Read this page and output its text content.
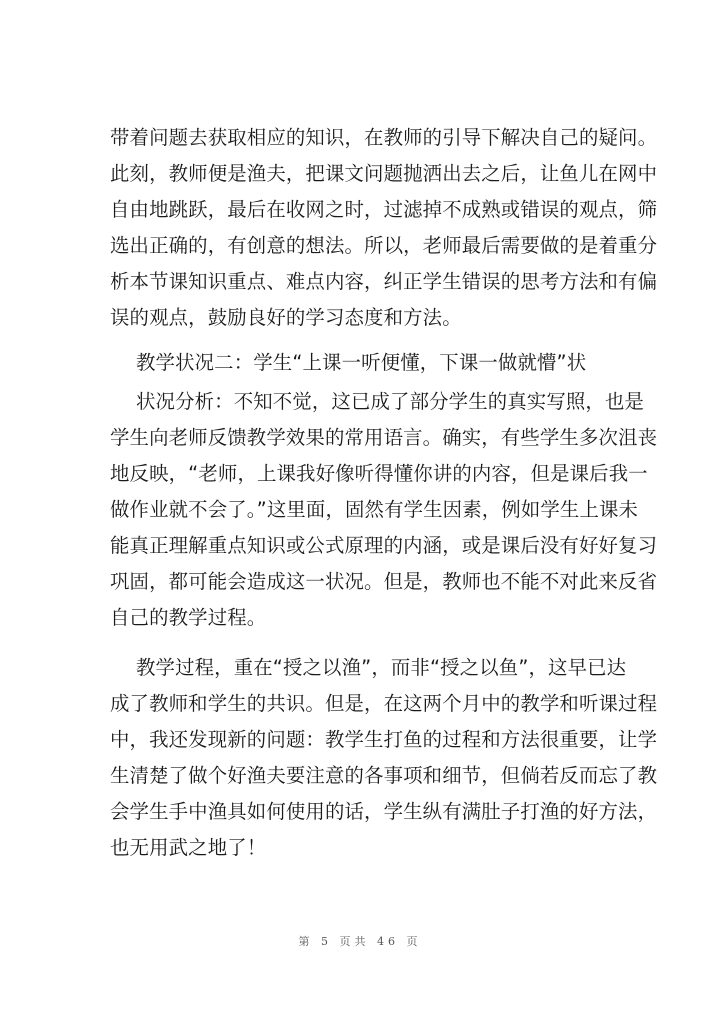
带着问题去获取相应的知识，在教师的引导下解决自己的疑问。
此刻，教师便是渔夫，把课文问题抛洒出去之后，让鱼儿在网中
自由地跳跃，最后在收网之时，过滤掉不成熟或错误的观点，筛
选出正确的，有创意的想法。所以，老师最后需要做的是着重分
析本节课知识重点、难点内容，纠正学生错误的思考方法和有偏
误的观点，鼓励良好的学习态度和方法。
教学状况二：学生“上课一听便懂，下课一做就懵”状
状况分析：不知不觉，这已成了部分学生的真实写照，也是
学生向老师反馈教学效果的常用语言。确实，有些学生多次沮丧
地反映，“老师，上课我好像听得懂你讲的内容，但是课后我一
做作业就不会了。”这里面，固然有学生因素，例如学生上课未
能真正理解重点知识或公式原理的内涵，或是课后没有好好复习
巩固，都可能会造成这一状况。但是，教师也不能不对此来反省
自己的教学过程。
教学过程，重在“授之以渔”，而非“授之以鱼”，这早已达
成了教师和学生的共识。但是，在这两个月中的教学和听课过程
中，我还发现新的问题：教学生打鱼的过程和方法很重要，让学
生清楚了做个好渔夫要注意的各事项和细节，但倘若反而忘了教
会学生手中渔具如何使用的话，学生纵有满肚子打渔的好方法，
也无用武之地了！
第 5 页共 46 页
